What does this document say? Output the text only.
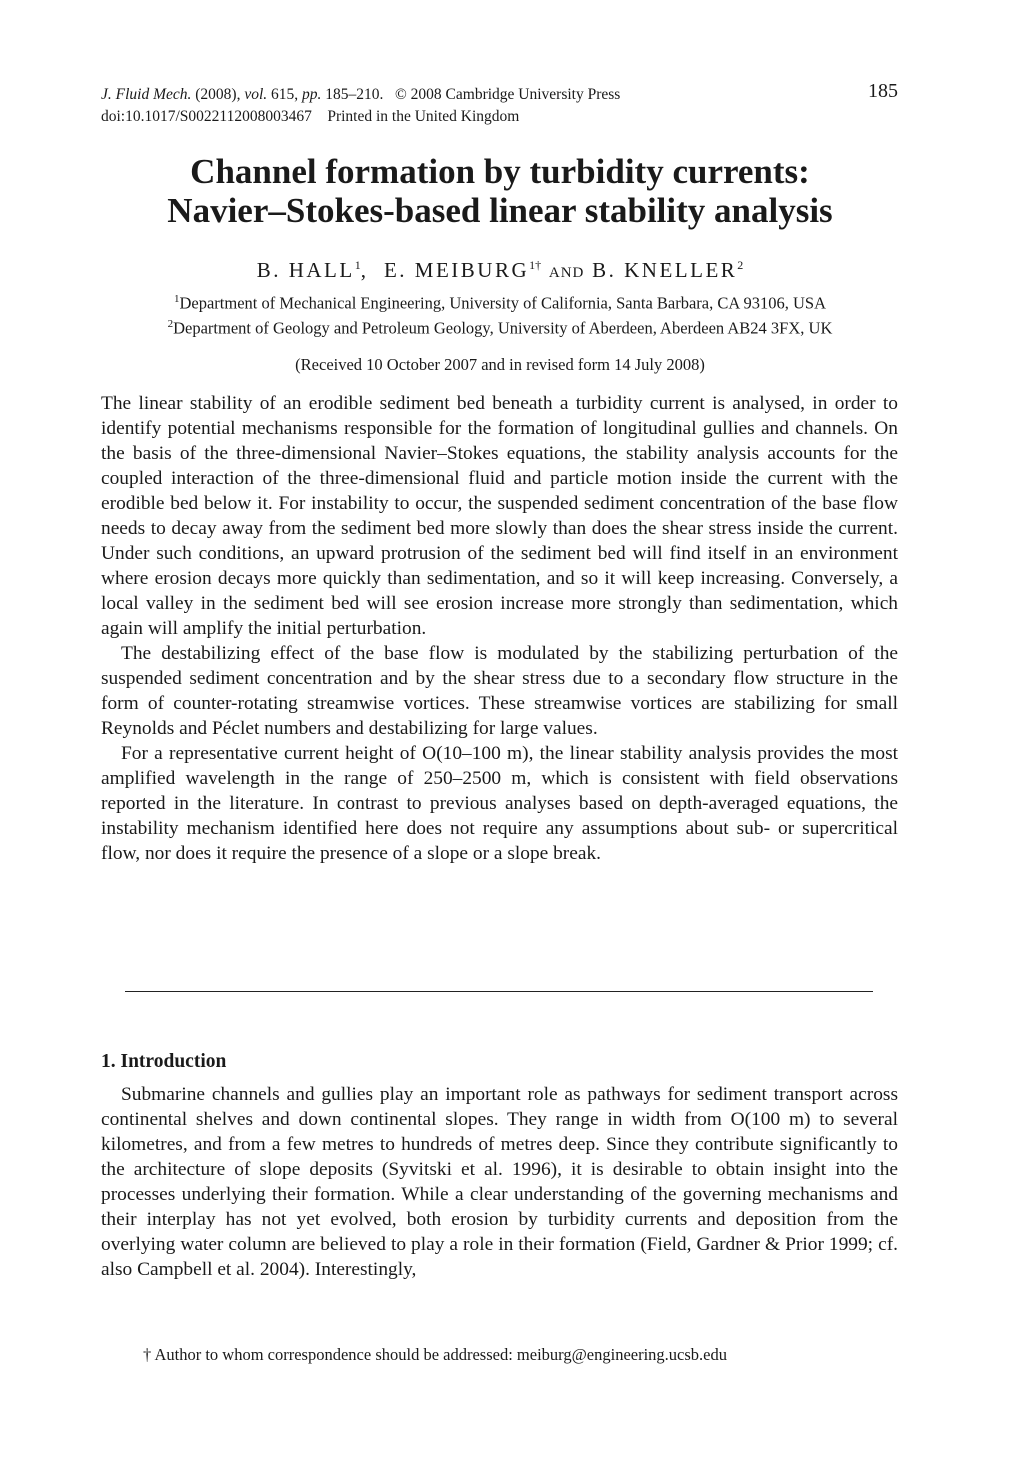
J. Fluid Mech. (2008), vol. 615, pp. 185–210. © 2008 Cambridge University Press
doi:10.1017/S0022112008003467 Printed in the United Kingdom
185
Channel formation by turbidity currents:
Navier–Stokes-based linear stability analysis
B. HALL$^1$,  E. $MEIBURG^{1\dagger}$ AND B. KNELLER$^2$
$^1$Department of Mechanical Engineering, University of California, Santa Barbara, CA 93106, USA
$^2$Department of Geology and Petroleum Geology, University of Aberdeen, Aberdeen AB24 3FX, UK
(Received 10 October 2007 and in revised form 14 July 2008)

The linear stability of an erodible sediment bed beneath a turbidity current is analysed, in order to identify potential mechanisms responsible for the formation of longitudinal gullies and channels. On the basis of the three-dimensional Navier–Stokes equations, the stability analysis accounts for the coupled interaction of the three-dimensional fluid and particle motion inside the current with the erodible bed below it. For instability to occur, the suspended sediment concentration of the base flow needs to decay away from the sediment bed more slowly than does the shear stress inside the current. Under such conditions, an upward protrusion of the sediment bed will find itself in an environment where erosion decays more quickly than sedimentation, and so it will keep increasing. Conversely, a local valley in the sediment bed will see erosion increase more strongly than sedimentation, which again will amplify the initial perturbation.

The destabilizing effect of the base flow is modulated by the stabilizing perturbation of the suspended sediment concentration and by the shear stress due to a secondary flow structure in the form of counter-rotating streamwise vortices. These streamwise vortices are stabilizing for small Reynolds and Péclet numbers and destabilizing for large values.

For a representative current height of O(10–100 m), the linear stability analysis provides the most amplified wavelength in the range of 250–2500 m, which is consistent with field observations reported in the literature. In contrast to previous analyses based on depth-averaged equations, the instability mechanism identified here does not require any assumptions about sub- or supercritical flow, nor does it require the presence of a slope or a slope break.

1. Introduction

Submarine channels and gullies play an important role as pathways for sediment transport across continental shelves and down continental slopes. They range in width from O(100 m) to several kilometres, and from a few metres to hundreds of metres deep. Since they contribute significantly to the architecture of slope deposits (Syvitski et al. 1996), it is desirable to obtain insight into the processes underlying their formation. While a clear understanding of the governing mechanisms and their interplay has not yet evolved, both erosion by turbidity currents and deposition from the overlying water column are believed to play a role in their formation (Field, Gardner & Prior 1999; cf. also Campbell et al. 2004). Interestingly,

† Author to whom correspondence should be addressed: meiburg@engineering.ucsb.edu
